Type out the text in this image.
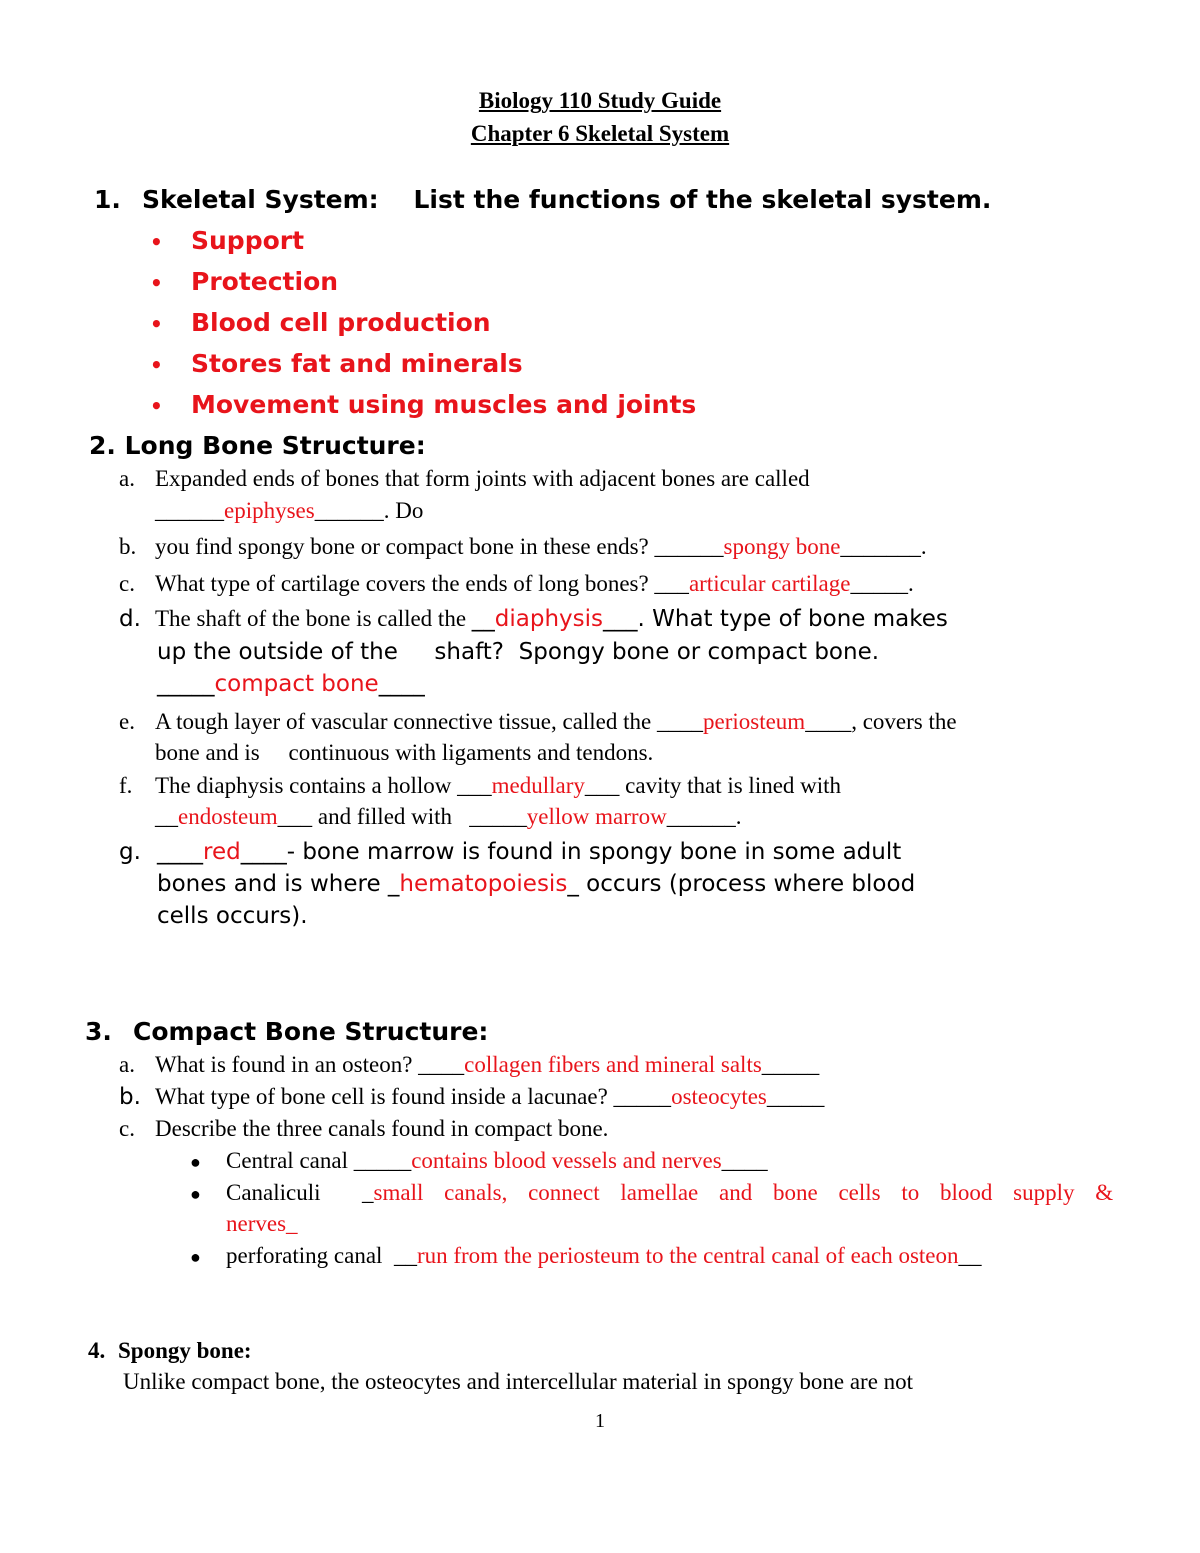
Biology 110 Study Guide
Chapter 6 Skeletal System
1. Skeletal System:    List the functions of the skeletal system.
• Support
• Protection
• Blood cell production
• Stores fat and minerals
• Movement using muscles and joints
2. Long Bone Structure:
a. Expanded ends of bones that form joints with adjacent bones are called
______epiphyses______. Do
b. you find spongy bone or compact bone in these ends? ______spongy bone_______.
c. What type of cartilage covers the ends of long bones? ___articular cartilage_____.
d. The shaft of the bone is called the __diaphysis___. What type of bone makes
up the outside of the     shaft?  Spongy bone or compact bone.
_____compact bone____
e. A tough layer of vascular connective tissue, called the ____periosteum____, covers the
bone and is     continuous with ligaments and tendons.
f. The diaphysis contains a hollow ___medullary___ cavity that is lined with
__endosteum___ and filled with   _____yellow marrow______.
g. ____red____- bone marrow is found in spongy bone in some adult
bones and is where _hematopoiesis_ occurs (process where blood
cells occurs).
3. Compact Bone Structure:
a. What is found in an osteon? ____collagen fibers and mineral salts_____
b. What type of bone cell is found inside a lacunae? _____osteocytes_____
c. Describe the three canals found in compact bone.
● Central canal _____contains blood vessels and nerves____
●	Canaliculi  _small canals, connect lamellae and bone cells to blood supply &
nerves_
● perforating canal  __run from the periosteum to the central canal of each osteon__
4. Spongy bone:
Unlike compact bone, the osteocytes and intercellular material in spongy bone are not
1
